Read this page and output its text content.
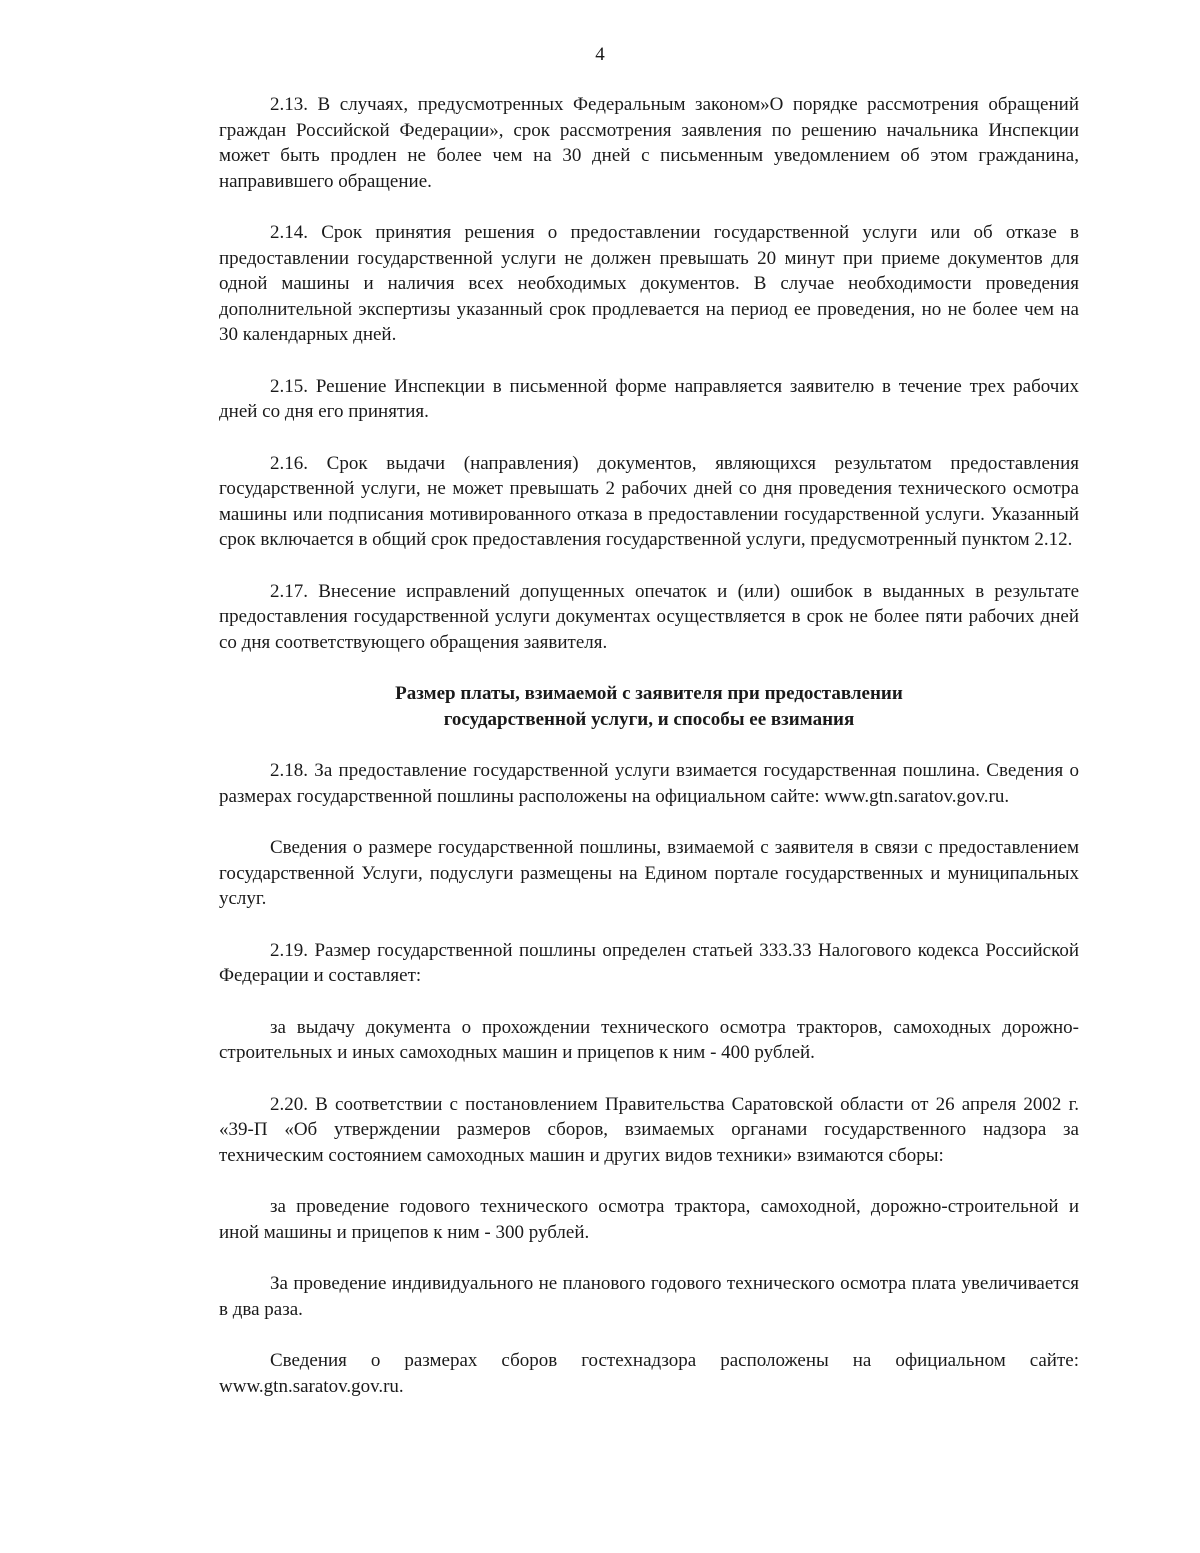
4

2.13. В случаях, предусмотренных Федеральным законом»О порядке рассмотрения обращений граждан Российской Федерации», срок рассмотрения заявления по решению начальника Инспекции может быть продлен не более чем на 30 дней с письменным уведомлением об этом гражданина, направившего обращение.

2.14. Срок принятия решения о предоставлении государственной услуги или об отказе в предоставлении государственной услуги не должен превышать 20 минут при приеме документов для одной машины и наличия всех необходимых документов. В случае необходимости проведения дополнительной экспертизы указанный срок продлевается на период ее проведения, но не более чем на 30 календарных дней.

2.15. Решение Инспекции в письменной форме направляется заявителю в течение трех рабочих дней со дня его принятия.

2.16. Срок выдачи (направления) документов, являющихся результатом предоставления государственной услуги, не может превышать 2 рабочих дней со дня проведения технического осмотра машины или подписания мотивированного отказа в предоставлении государственной услуги. Указанный срок включается в общий срок предоставления государственной услуги, предусмотренный пунктом 2.12.

2.17. Внесение исправлений допущенных опечаток и (или) ошибок в выданных в результате предоставления государственной услуги документах осуществляется в срок не более пяти рабочих дней со дня соответствующего обращения заявителя.

Размер платы, взимаемой с заявителя при предоставлении
государственной услуги, и способы ее взимания

2.18. За предоставление государственной услуги взимается государственная пошлина. Сведения о размерах государственной пошлины расположены на официальном сайте: www.gtn.saratov.gov.ru.

Сведения о размере государственной пошлины, взимаемой с заявителя в связи с предоставлением государственной Услуги, подуслуги размещены на Едином портале государственных и муниципальных услуг.

2.19. Размер государственной пошлины определен статьей 333.33 Налогового кодекса Российской Федерации и составляет:

за выдачу документа о прохождении технического осмотра тракторов, самоходных дорожно-строительных и иных самоходных машин и прицепов к ним - 400 рублей.

2.20. В соответствии с постановлением Правительства Саратовской области от 26 апреля 2002 г. «39-П «Об утверждении размеров сборов, взимаемых органами государственного надзора за техническим состоянием самоходных машин и других видов техники» взимаются сборы:

за проведение годового технического осмотра трактора, самоходной, дорожно-строительной и иной машины и прицепов к ним - 300 рублей.

За проведение индивидуального не планового годового технического осмотра плата увеличивается в два раза.

Сведения о размерах сборов гостехнадзора расположены на официальном сайте: www.gtn.saratov.gov.ru.
